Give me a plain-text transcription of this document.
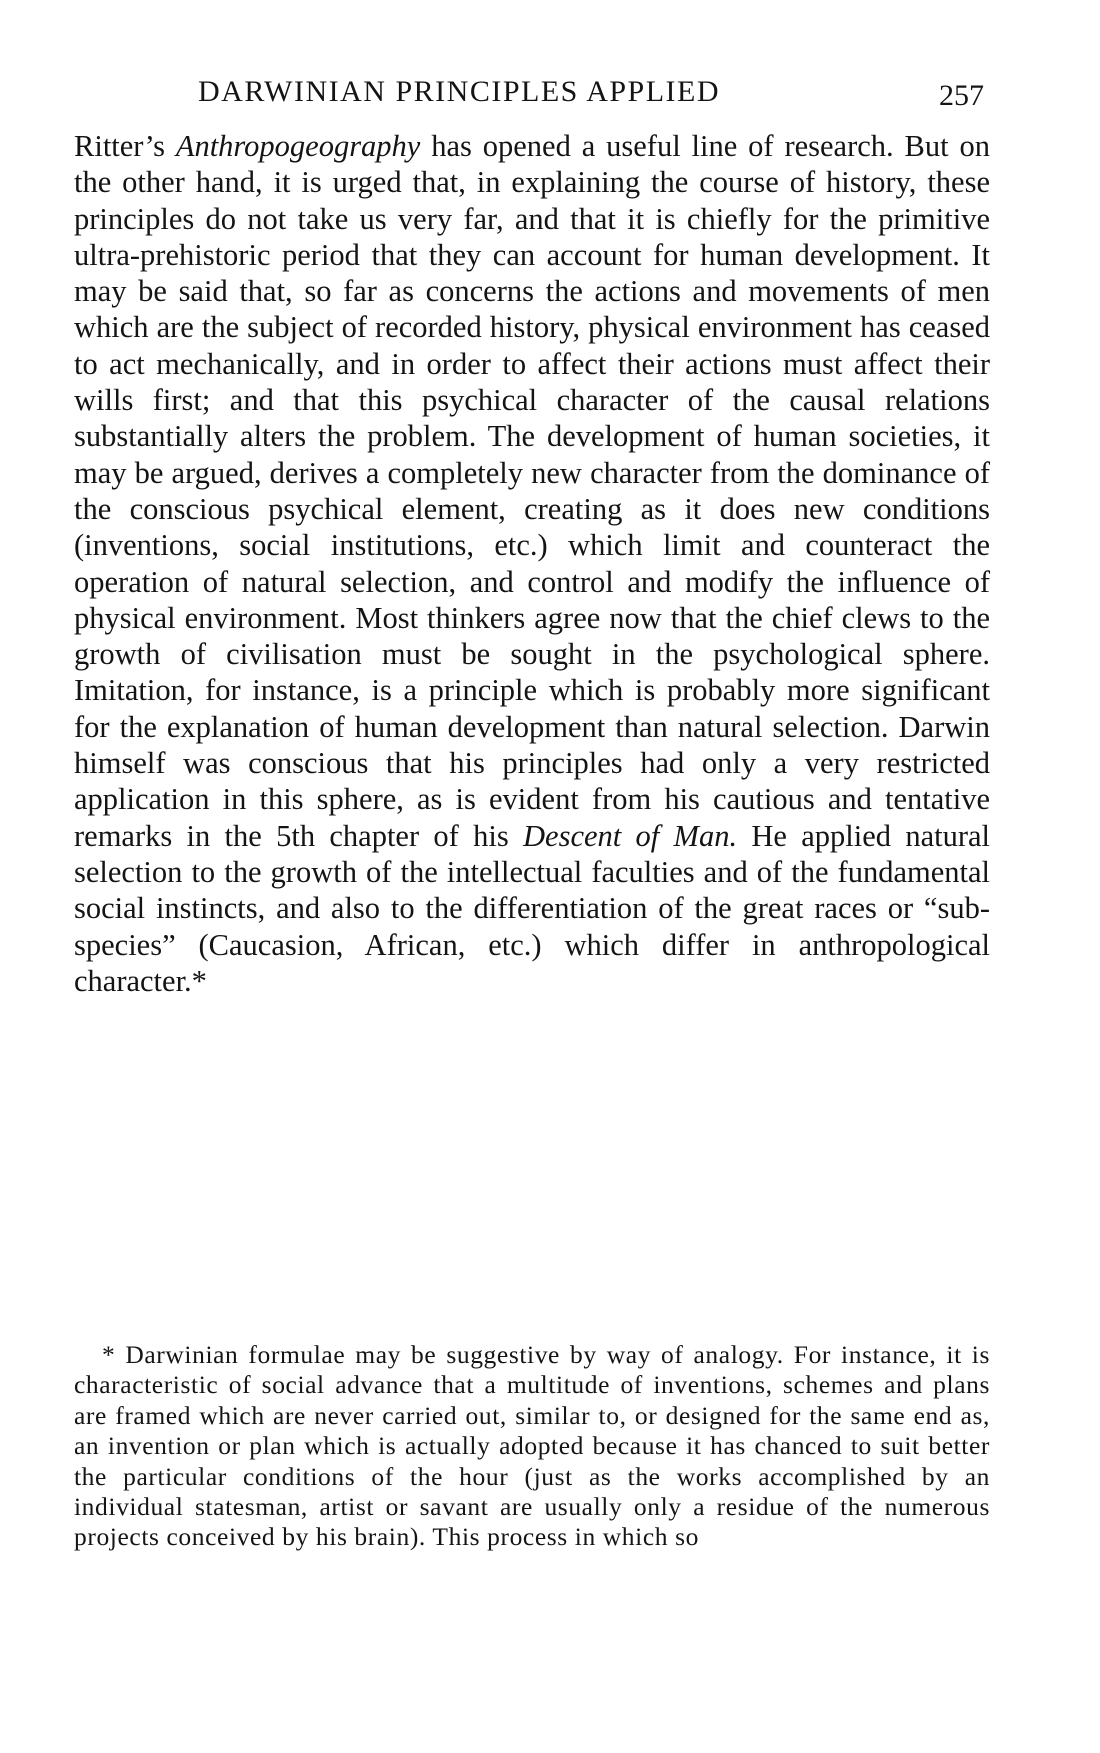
DARWINIAN PRINCIPLES APPLIED	257

Ritter’s Anthropogeography has opened a useful line of research. But on the other hand, it is urged that, in explaining the course of history, these principles do not take us very far, and that it is chiefly for the primitive ultra-prehistoric period that they can account for human development. It may be said that, so far as concerns the actions and movements of men which are the subject of recorded history, physical environment has ceased to act mechanically, and in order to affect their actions must affect their wills first; and that this psychical character of the causal relations substantially alters the problem. The development of human societies, it may be argued, derives a completely new character from the dominance of the conscious psychical element, creating as it does new conditions (inventions, social institutions, etc.) which limit and counteract the operation of natural selection, and control and modify the influence of physical environment. Most thinkers agree now that the chief clews to the growth of civilisation must be sought in the psychological sphere. Imitation, for instance, is a principle which is probably more significant for the explanation of human development than natural selection. Darwin himself was conscious that his principles had only a very restricted application in this sphere, as is evident from his cautious and tentative remarks in the 5th chapter of his Descent of Man. He applied natural selection to the growth of the intellectual faculties and of the fundamental social instincts, and also to the differentiation of the great races or “sub-species” (Caucasion, African, etc.) which differ in anthropological character.*

* Darwinian formulae may be suggestive by way of analogy. For instance, it is characteristic of social advance that a multitude of inventions, schemes and plans are framed which are never carried out, similar to, or designed for the same end as, an invention or plan which is actually adopted because it has chanced to suit better the particular conditions of the hour (just as the works accomplished by an individual statesman, artist or savant are usually only a residue of the numerous projects conceived by his brain). This process in which so
